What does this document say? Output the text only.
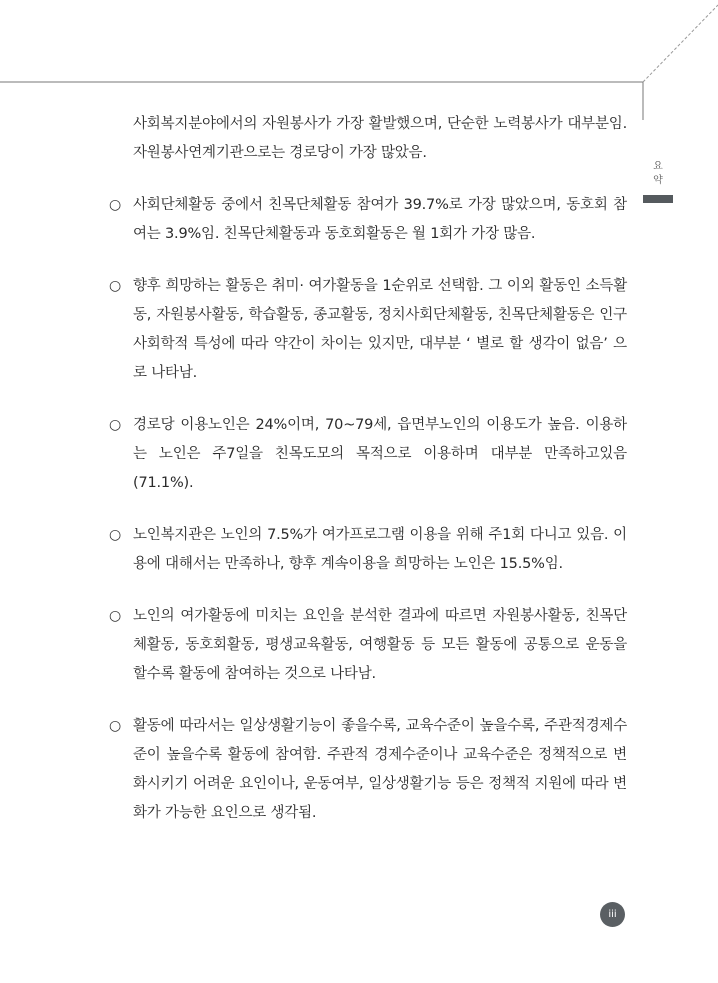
요
약
사회복지분야에서의 자원봉사가 가장 활발했으며, 단순한 노력봉사가 대부분임. 자원봉사연계기관으로는 경로당이 가장 많았음.
○ 사회단체활동 중에서 친목단체활동 참여가 39.7%로 가장 많았으며, 동호회 참여는 3.9%임. 친목단체활동과 동호회활동은 월 1회가 가장 많음.
○ 향후 희망하는 활동은 취미· 여가활동을 1순위로 선택함. 그 이외 활동인 소득활동, 자원봉사활동, 학습활동, 종교활동, 정치사회단체활동, 친목단체활동은 인구사회학적 특성에 따라 약간이 차이는 있지만, 대부분 ‘ 별로 할 생각이 없음’ 으로 나타남.
○ 경로당 이용노인은 24%이며, 70~79세, 읍면부노인의 이용도가 높음. 이용하는 노인은 주7일을 친목도모의 목적으로 이용하며 대부분 만족하고있음(71.1%).
○ 노인복지관은 노인의 7.5%가 여가프로그램 이용을 위해 주1회 다니고 있음. 이용에 대해서는 만족하나, 향후 계속이용을 희망하는 노인은 15.5%임.
○ 노인의 여가활동에 미치는 요인을 분석한 결과에 따르면 자원봉사활동, 친목단체활동, 동호회활동, 평생교육활동, 여행활동 등 모든 활동에 공통으로 운동을 할수록 활동에 참여하는 것으로 나타남.
○ 활동에 따라서는 일상생활기능이 좋을수록, 교육수준이 높을수록, 주관적경제수준이 높을수록 활동에 참여함. 주관적 경제수준이나 교육수준은 정책적으로 변화시키기 어려운 요인이나, 운동여부, 일상생활기능 등은 정책적 지원에 따라 변화가 가능한 요인으로 생각됨.
iii
